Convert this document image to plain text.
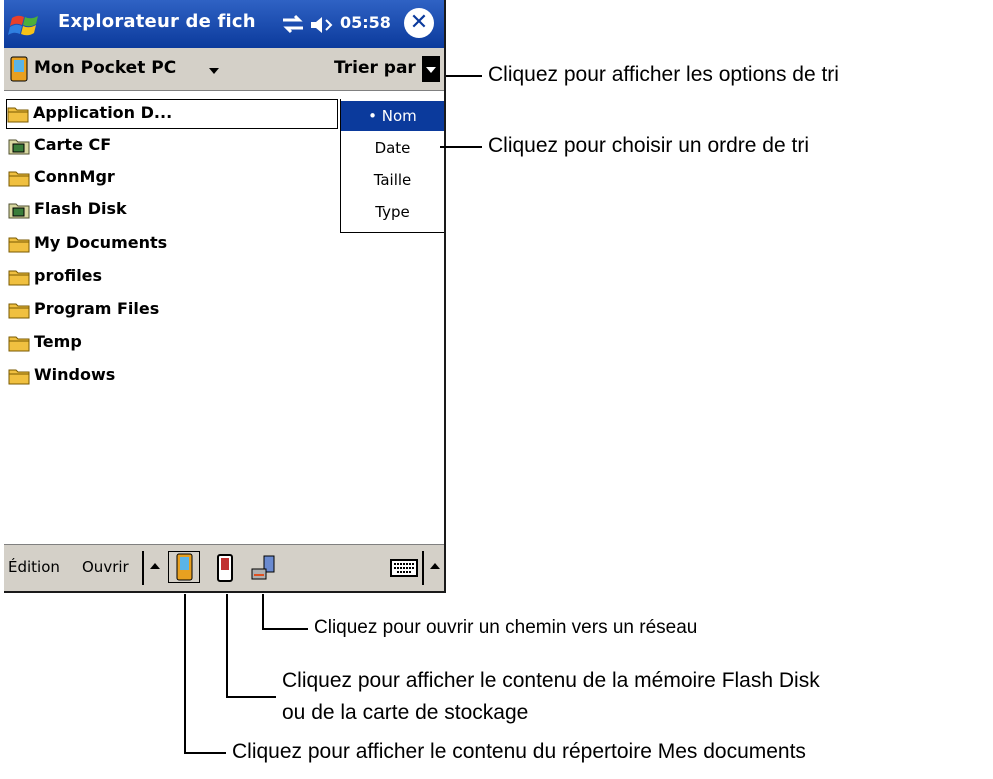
Explorateur de fich	05:58 ✕
Mon Pocket PC	Trier par
Application D...
Carte CF
ConnMgr
Flash Disk
My Documents
profiles
Program Files
Temp
Windows
• Nom
Date
Taille
Type
Édition Ouvrir
Cliquez pour afficher les options de tri
Cliquez pour choisir un ordre de tri
Cliquez pour ouvrir un chemin vers un réseau
Cliquez pour afficher le contenu de la mémoire Flash Disk
ou de la carte de stockage
Cliquez pour afficher le contenu du répertoire Mes documents
